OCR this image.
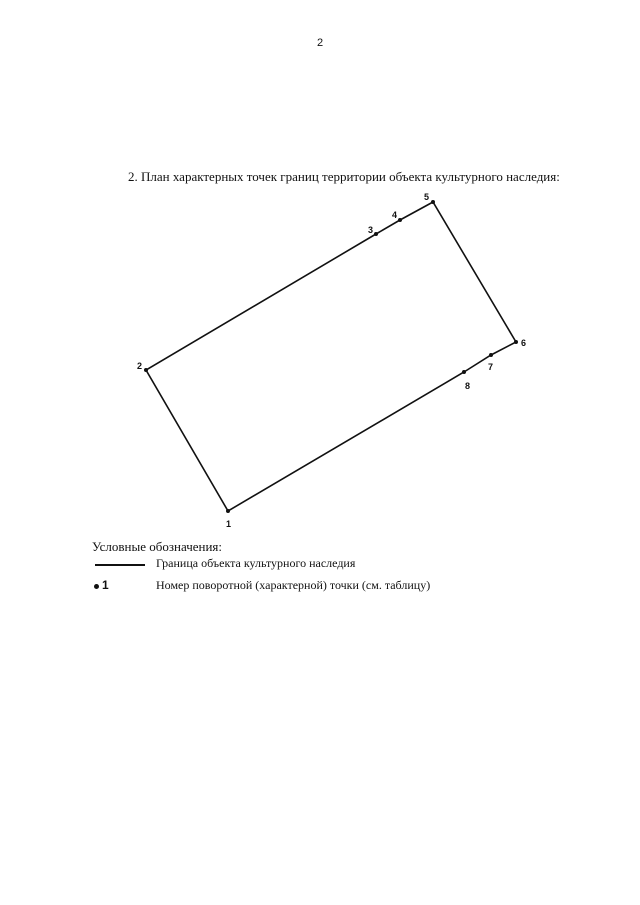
2
2. План характерных точек границ территории объекта культурного наследия:
1
2
3
4
5
6
7
8
Условные обозначения:
Граница объекта культурного наследия
1	Номер поворотной (характерной) точки (см. таблицу)
